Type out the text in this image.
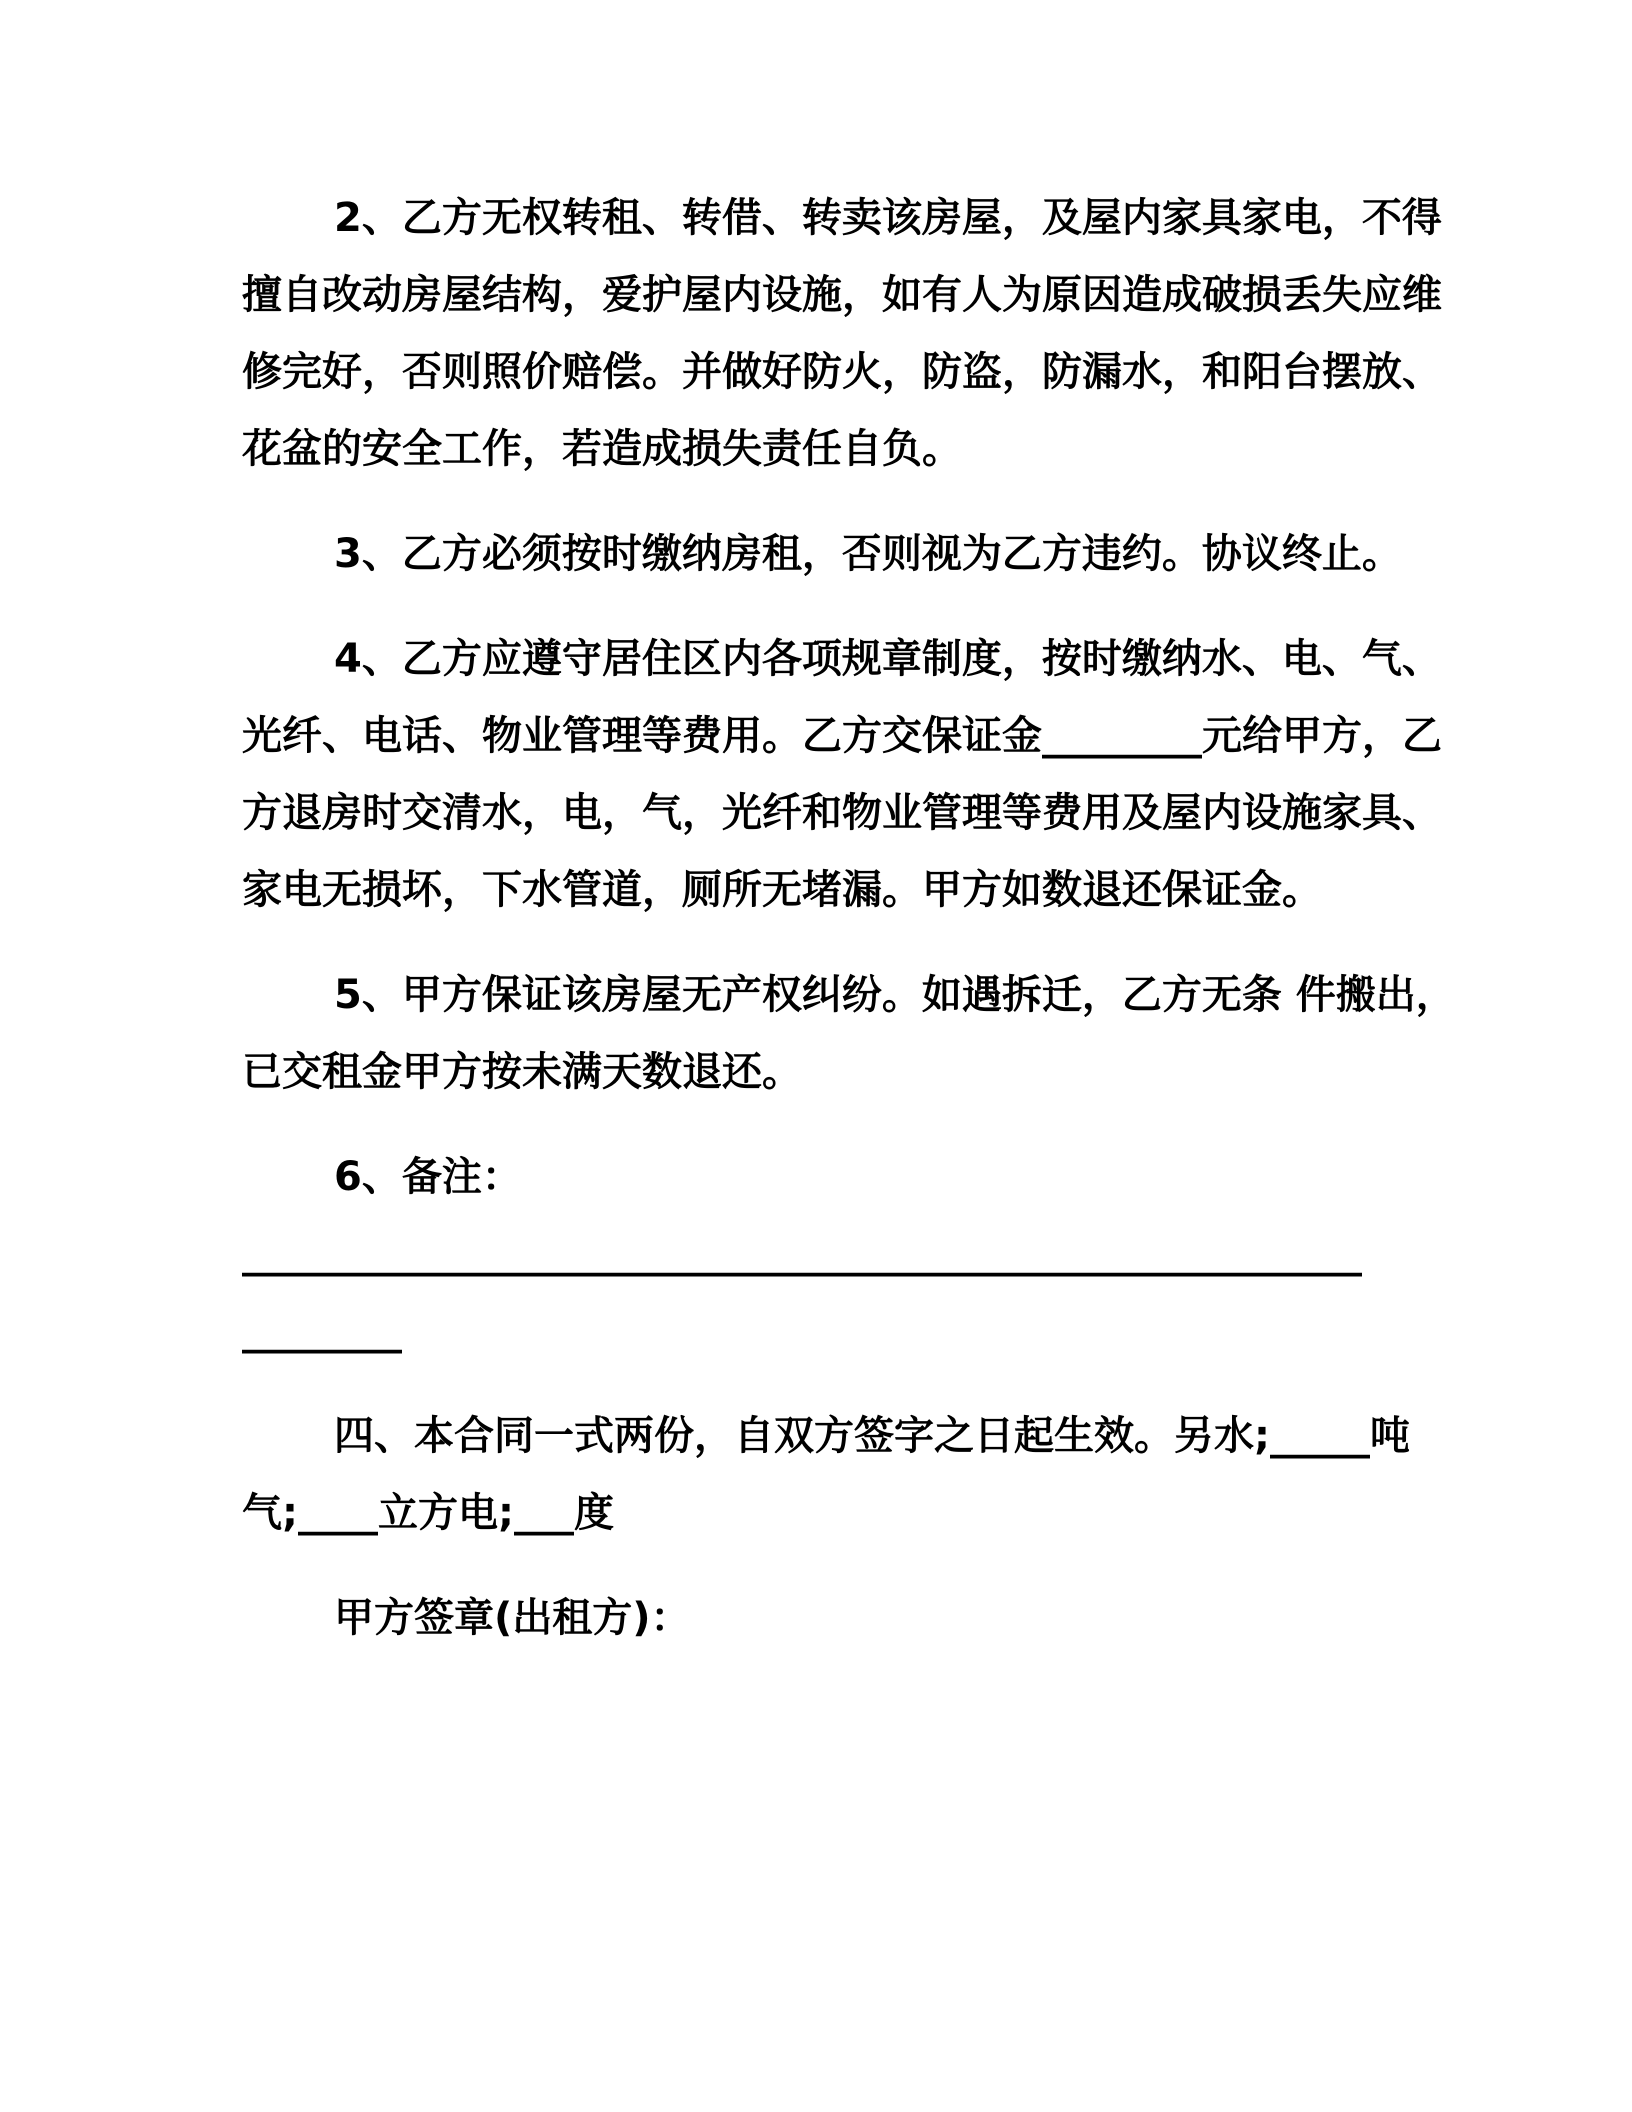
2、乙方无权转租、转借、转卖该房屋，及屋内家具家电，不得
擅自改动房屋结构，爱护屋内设施，如有人为原因造成破损丢失应维
修完好，否则照价赔偿。并做好防火，防盗，防漏水，和阳台摆放、
花盆的安全工作，若造成损失责任自负。
3、乙方必须按时缴纳房租，否则视为乙方违约。协议终止。
4、乙方应遵守居住区内各项规章制度，按时缴纳水、电、气、
光纤、电话、物业管理等费用。乙方交保证金________元给甲方，乙
方退房时交清水，电，气，光纤和物业管理等费用及屋内设施家具、
家电无损坏，下水管道，厕所无堵漏。甲方如数退还保证金。
5、甲方保证该房屋无产权纠纷。如遇拆迁，乙方无条 件搬出，
已交租金甲方按未满天数退还。
6、备注：
________________________________________________________
________
四、本合同一式两份，自双方签字之日起生效。另水;_____吨
气;____立方电;___度
甲方签章(出租方)：
